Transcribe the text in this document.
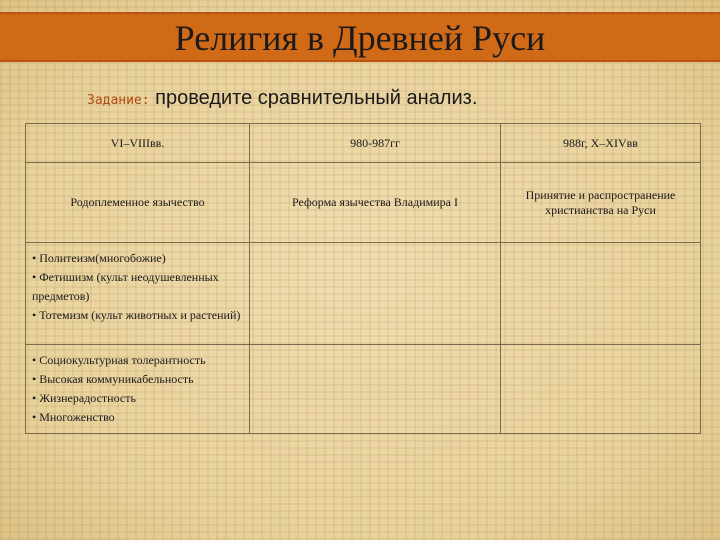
Религия в Древней Руси
Задание: проведите сравнительный анализ.
VI–VIIIвв.	980-987гг	988г, X–XIVвв
Родоплеменное язычество	Реформа язычества Владимира I	Принятие и распространение христианства на Руси

• Политеизм(многобожие)
• Фетишизм (культ неодушевленных предметов)
• Тотемизм (культ животных и растений)		

• Социокультурная толерантность
• Высокая коммуникабельность
• Жизнерадостность
• Многоженство		
